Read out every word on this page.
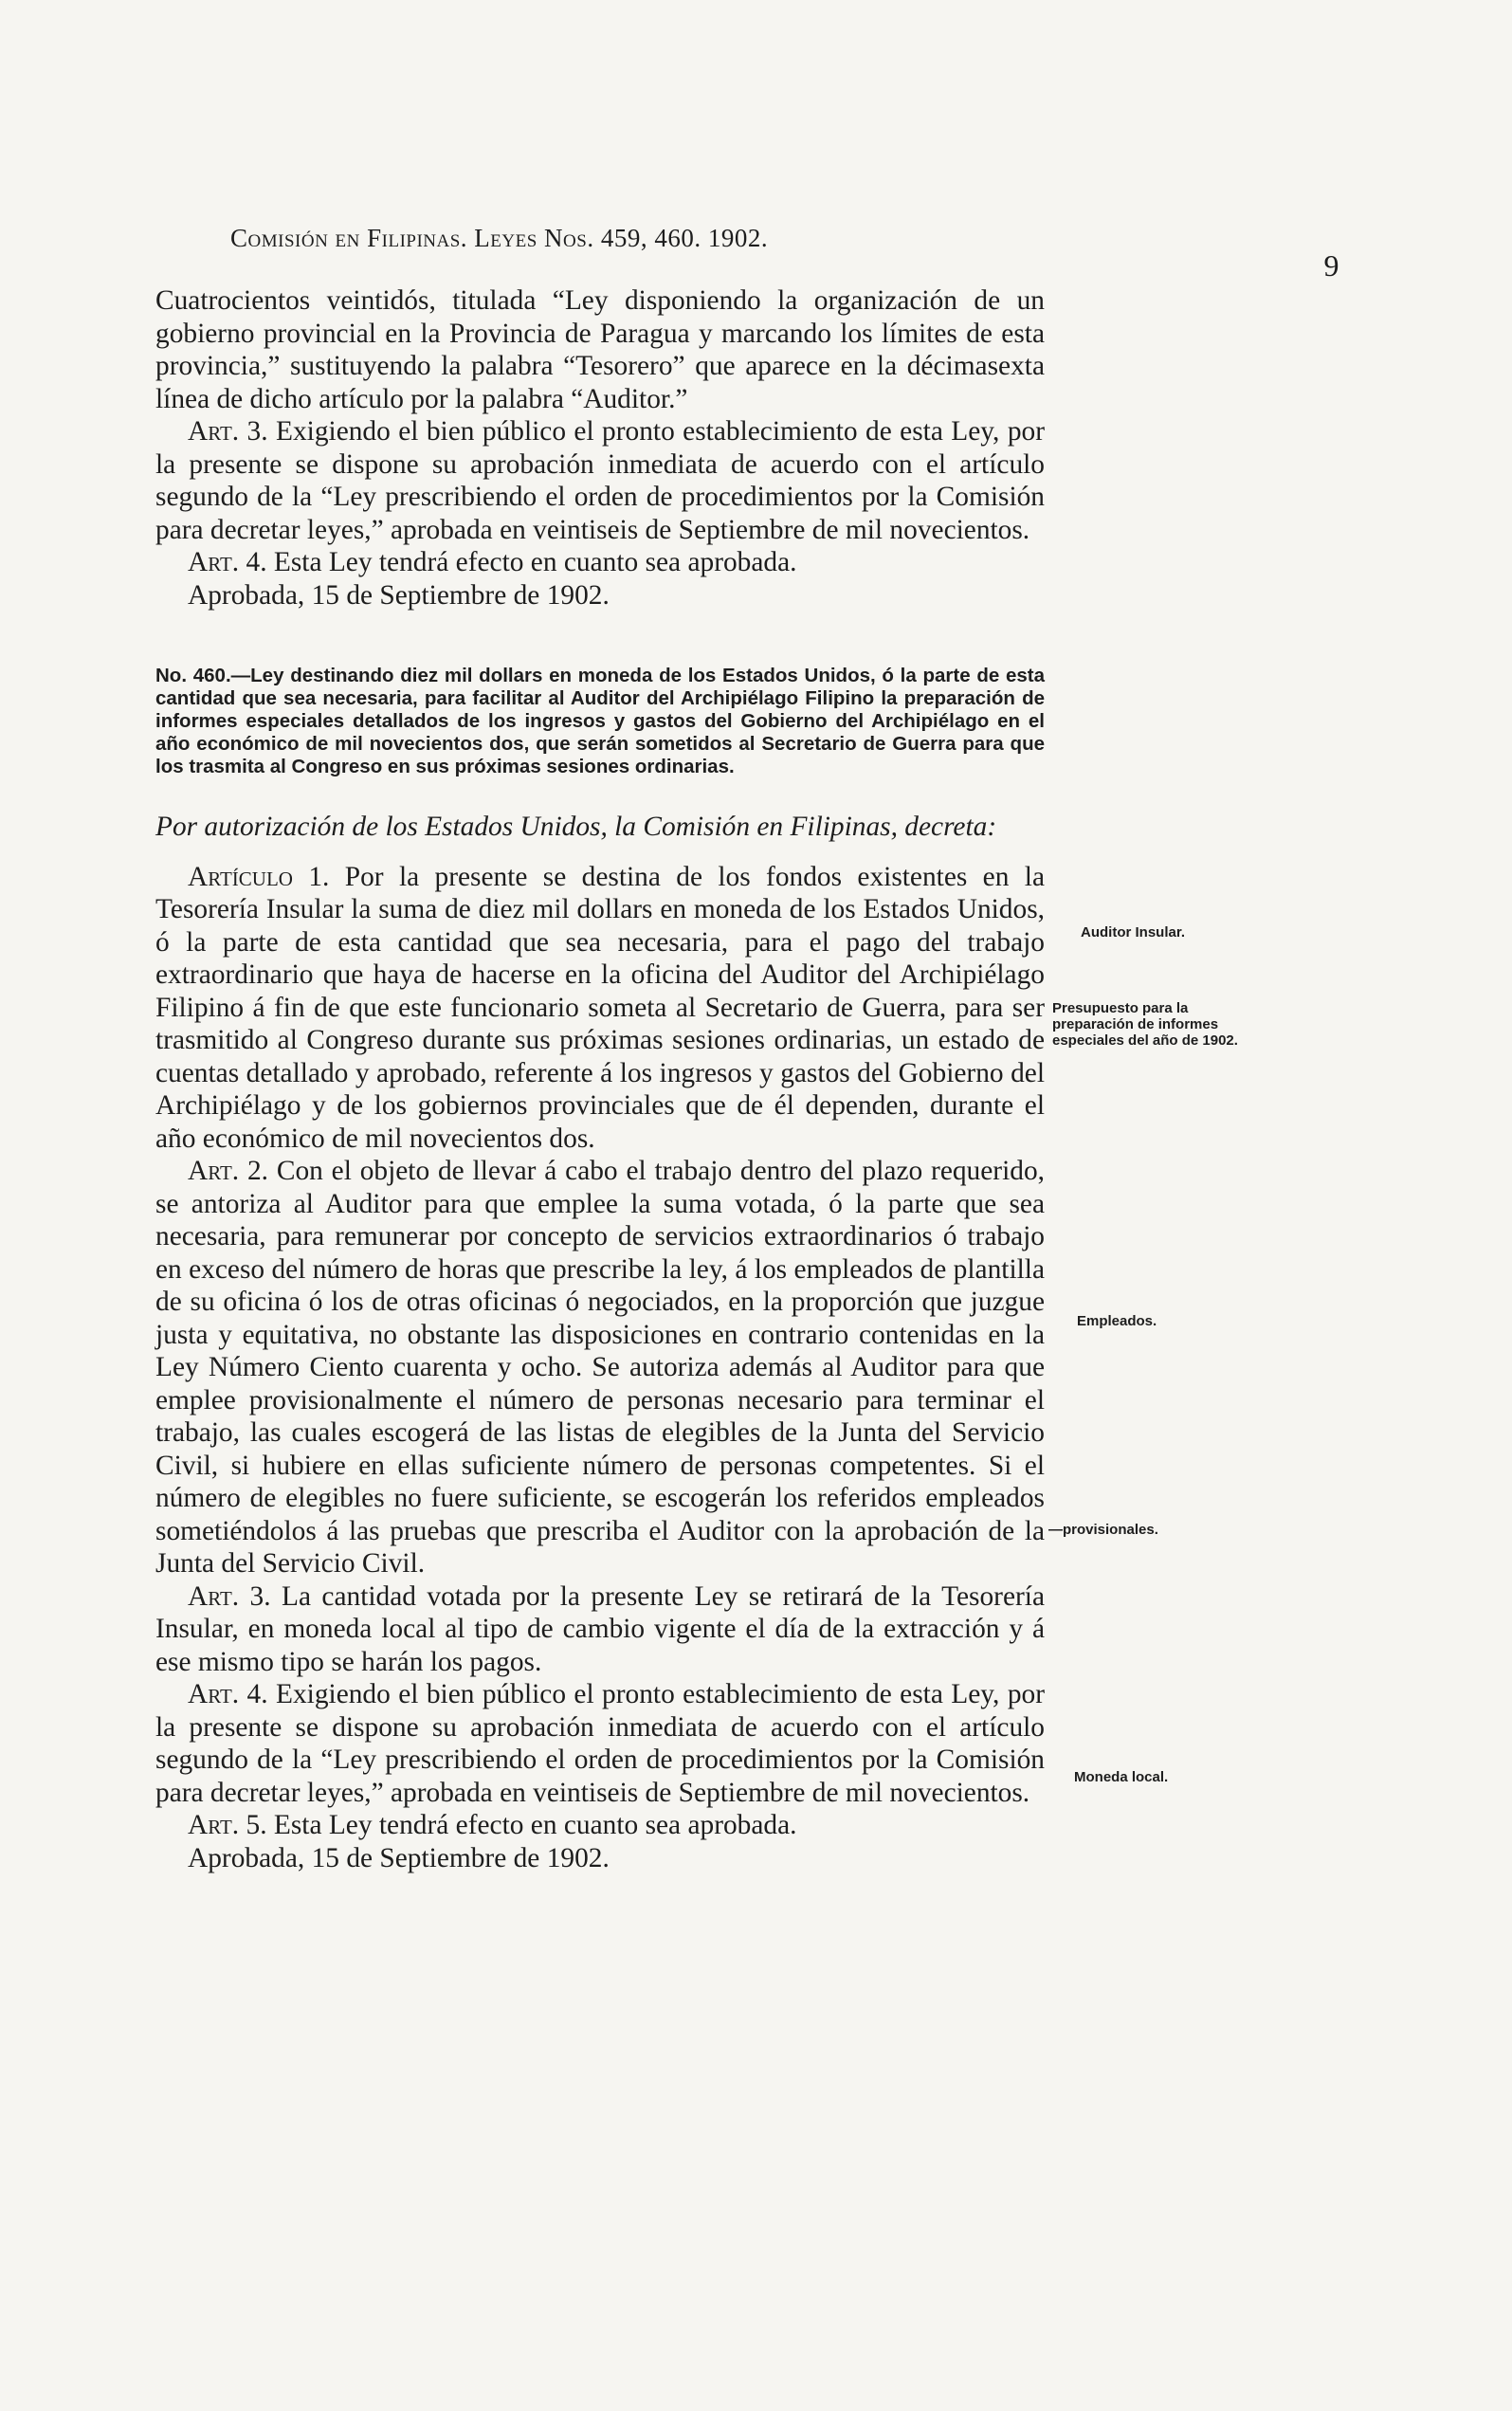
Comisión en Filipinas. Leyes Nos. 459, 460. 1902.
9

Cuatrocientos veintidós, titulada “Ley disponiendo la organización de un gobierno provincial en la Provincia de Paragua y marcando los límites de esta provincia,” sustituyendo la palabra “Tesorero” que aparece en la décimasexta línea de dicho artículo por la palabra “Auditor.”

Art. 3. Exigiendo el bien público el pronto establecimiento de esta Ley, por la presente se dispone su aprobación inmediata de acuerdo con el artículo segundo de la “Ley prescribiendo el orden de procedimientos por la Comisión para decretar leyes,” aprobada en veintiseis de Septiembre de mil novecientos.

Art. 4. Esta Ley tendrá efecto en cuanto sea aprobada.

Aprobada, 15 de Septiembre de 1902.

No. 460.—Ley destinando diez mil dollars en moneda de los Estados Unidos, ó la parte de esta cantidad que sea necesaria, para facilitar al Auditor del Archipiélago Filipino la preparación de informes especiales detallados de los ingresos y gastos del Gobierno del Archipiélago en el año económico de mil novecientos dos, que serán sometidos al Secretario de Guerra para que los trasmita al Congreso en sus próximas sesiones ordinarias.

Por autorización de los Estados Unidos, la Comisión en Filipinas, decreta:

Artículo 1. Por la presente se destina de los fondos existentes en la Tesorería Insular la suma de diez mil dollars en moneda de los Estados Unidos, ó la parte de esta cantidad que sea necesaria, para el pago del trabajo extraordinario que haya de hacerse en la oficina del Auditor del Archipiélago Filipino á fin de que este funcionario someta al Secretario de Guerra, para ser trasmitido al Congreso durante sus próximas sesiones ordinarias, un estado de cuentas detallado y aprobado, referente á los ingresos y gastos del Gobierno del Archipiélago y de los gobiernos provinciales que de él dependen, durante el año económico de mil novecientos dos.

Art. 2. Con el objeto de llevar á cabo el trabajo dentro del plazo requerido, se antoriza al Auditor para que emplee la suma votada, ó la parte que sea necesaria, para remunerar por concepto de servicios extraordinarios ó trabajo en exceso del número de horas que prescribe la ley, á los empleados de plantilla de su oficina ó los de otras oficinas ó negociados, en la proporción que juzgue justa y equitativa, no obstante las disposiciones en contrario contenidas en la Ley Número Ciento cuarenta y ocho. Se autoriza además al Auditor para que emplee provisionalmente el número de personas necesario para terminar el trabajo, las cuales escogerá de las listas de elegibles de la Junta del Servicio Civil, si hubiere en ellas suficiente número de personas competentes. Si el número de elegibles no fuere suficiente, se escogerán los referidos empleados sometiéndolos á las pruebas que prescriba el Auditor con la aprobación de la Junta del Servicio Civil.

Art. 3. La cantidad votada por la presente Ley se retirará de la Tesorería Insular, en moneda local al tipo de cambio vigente el día de la extracción y á ese mismo tipo se harán los pagos.

Art. 4. Exigiendo el bien público el pronto establecimiento de esta Ley, por la presente se dispone su aprobación inmediata de acuerdo con el artículo segundo de la “Ley prescribiendo el orden de procedimientos por la Comisión para decretar leyes,” aprobada en veintiseis de Septiembre de mil novecientos.

Art. 5. Esta Ley tendrá efecto en cuanto sea aprobada.

Aprobada, 15 de Septiembre de 1902.

Auditor Insular.
Presupuesto para la preparación de informes especiales del año de 1902.
Empleados.
—provisionales.
Moneda local.
